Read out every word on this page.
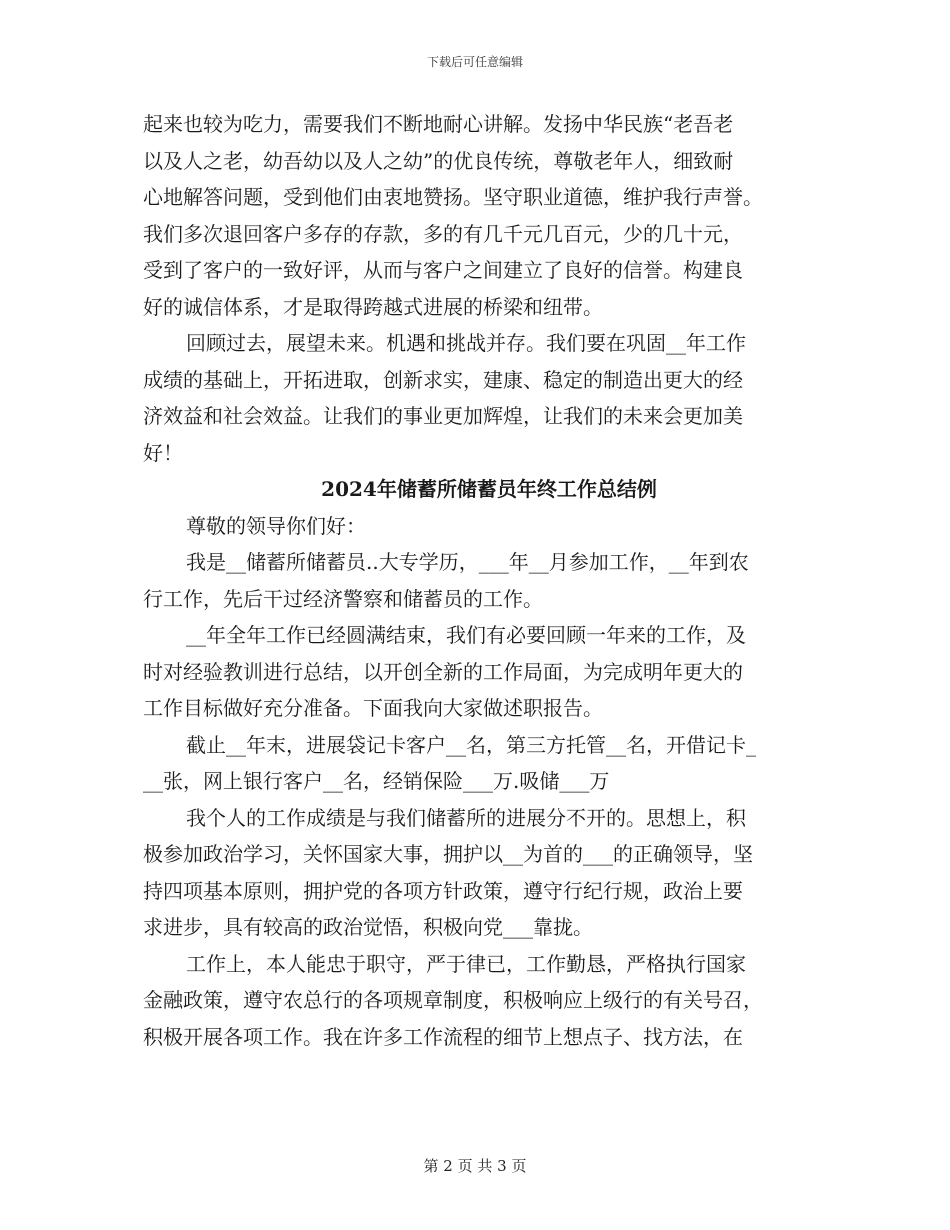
下载后可任意编辑
起来也较为吃力，需要我们不断地耐心讲解。发扬中华民族“老吾老
以及人之老，幼吾幼以及人之幼”的优良传统，尊敬老年人，细致耐
心地解答问题，受到他们由衷地赞扬。坚守职业道德，维护我行声誉。
我们多次退回客户多存的存款，多的有几千元几百元，少的几十元，
受到了客户的一致好评，从而与客户之间建立了良好的信誉。构建良
好的诚信体系，才是取得跨越式进展的桥梁和纽带。
回顾过去，展望未来。机遇和挑战并存。我们要在巩固__年工作
成绩的基础上，开拓进取，创新求实，建康、稳定的制造出更大的经
济效益和社会效益。让我们的事业更加辉煌，让我们的未来会更加美
好！
2024年储蓄所储蓄员年终工作总结例
尊敬的领导你们好：
我是__储蓄所储蓄员..大专学历，___年__月参加工作，__年到农
行工作，先后干过经济警察和储蓄员的工作。
__年全年工作已经圆满结束，我们有必要回顾一年来的工作，及
时对经验教训进行总结，以开创全新的工作局面，为完成明年更大的
工作目标做好充分准备。下面我向大家做述职报告。
截止__年末，进展袋记卡客户__名，第三方托管__名，开借记卡_
__张，网上银行客户__名，经销保险___万.吸储___万
我个人的工作成绩是与我们储蓄所的进展分不开的。思想上，积
极参加政治学习，关怀国家大事，拥护以__为首的___的正确领导，坚
持四项基本原则，拥护党的各项方针政策，遵守行纪行规，政治上要
求进步，具有较高的政治觉悟，积极向党___靠拢。
工作上，本人能忠于职守，严于律已，工作勤恳，严格执行国家
金融政策，遵守农总行的各项规章制度，积极响应上级行的有关号召，
积极开展各项工作。我在许多工作流程的细节上想点子、找方法，在
第 2 页 共 3 页
